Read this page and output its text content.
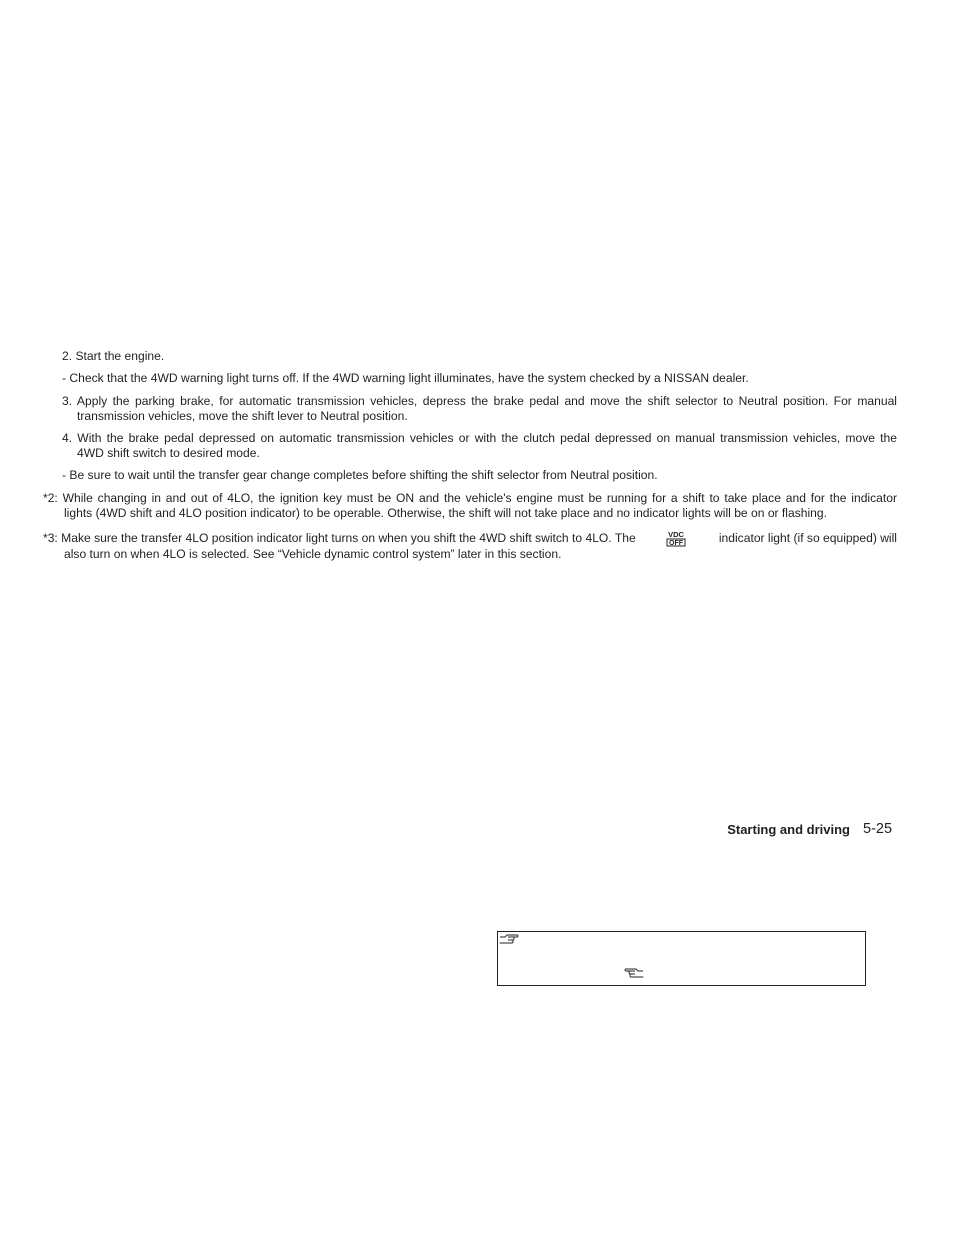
2. Start the engine.
- Check that the 4WD warning light turns off. If the 4WD warning light illuminates, have the system checked by a NISSAN dealer.
3. Apply the parking brake, for automatic transmission vehicles, depress the brake pedal and move the shift selector to Neutral position. For manual
transmission vehicles, move the shift lever to Neutral position.
4. With the brake pedal depressed on automatic transmission vehicles or with the clutch pedal depressed on manual transmission vehicles, move the
4WD shift switch to desired mode.
- Be sure to wait until the transfer gear change completes before shifting the shift selector from Neutral position.
*2: While changing in and out of 4LO, the ignition key must be ON and the vehicle's engine must be running for a shift to take place and for the indicator
lights (4WD shift and 4LO position indicator) to be operable. Otherwise, the shift will not take place and no indicator lights will be on or flashing.
*3: Make sure the transfer 4LO position indicator light turns on when you shift the 4WD shift switch to 4LO. The	VDC
OFF	indicator light (if so equipped) will
also turn on when 4LO is selected. See “Vehicle dynamic control system” later in this section.
Starting and driving 5-25
